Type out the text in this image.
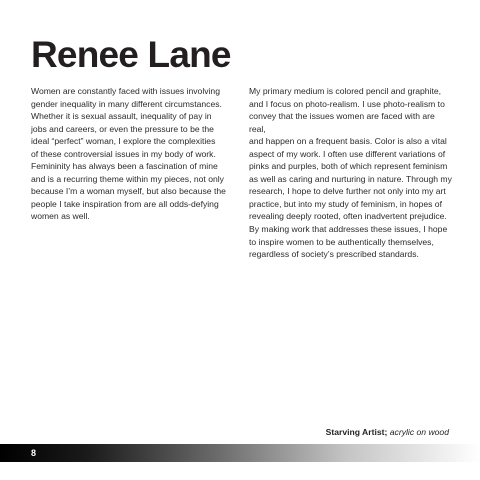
Renee Lane

Women are constantly faced with issues involving
gender inequality in many different circumstances.
Whether it is sexual assault, inequality of pay in
jobs and careers, or even the pressure to be the
ideal “perfect” woman, I explore the complexities
of these controversial issues in my body of work.
Femininity has always been a fascination of mine
and is a recurring theme within my pieces, not only
because I’m a woman myself, but also because the
people I take inspiration from are all odds-defying
women as well.

My primary medium is colored pencil and graphite,
and I focus on photo-realism. I use photo-realism to
convey that the issues women are faced with are real,
and happen on a frequent basis. Color is also a vital
aspect of my work. I often use different variations of
pinks and purples, both of which represent feminism
as well as caring and nurturing in nature. Through my
research, I hope to delve further not only into my art
practice, but into my study of feminism, in hopes of
revealing deeply rooted, often inadvertent prejudice.
By making work that addresses these issues, I hope
to inspire women to be authentically themselves,
regardless of society’s prescribed standards.

Starving Artist; acrylic on wood
8
